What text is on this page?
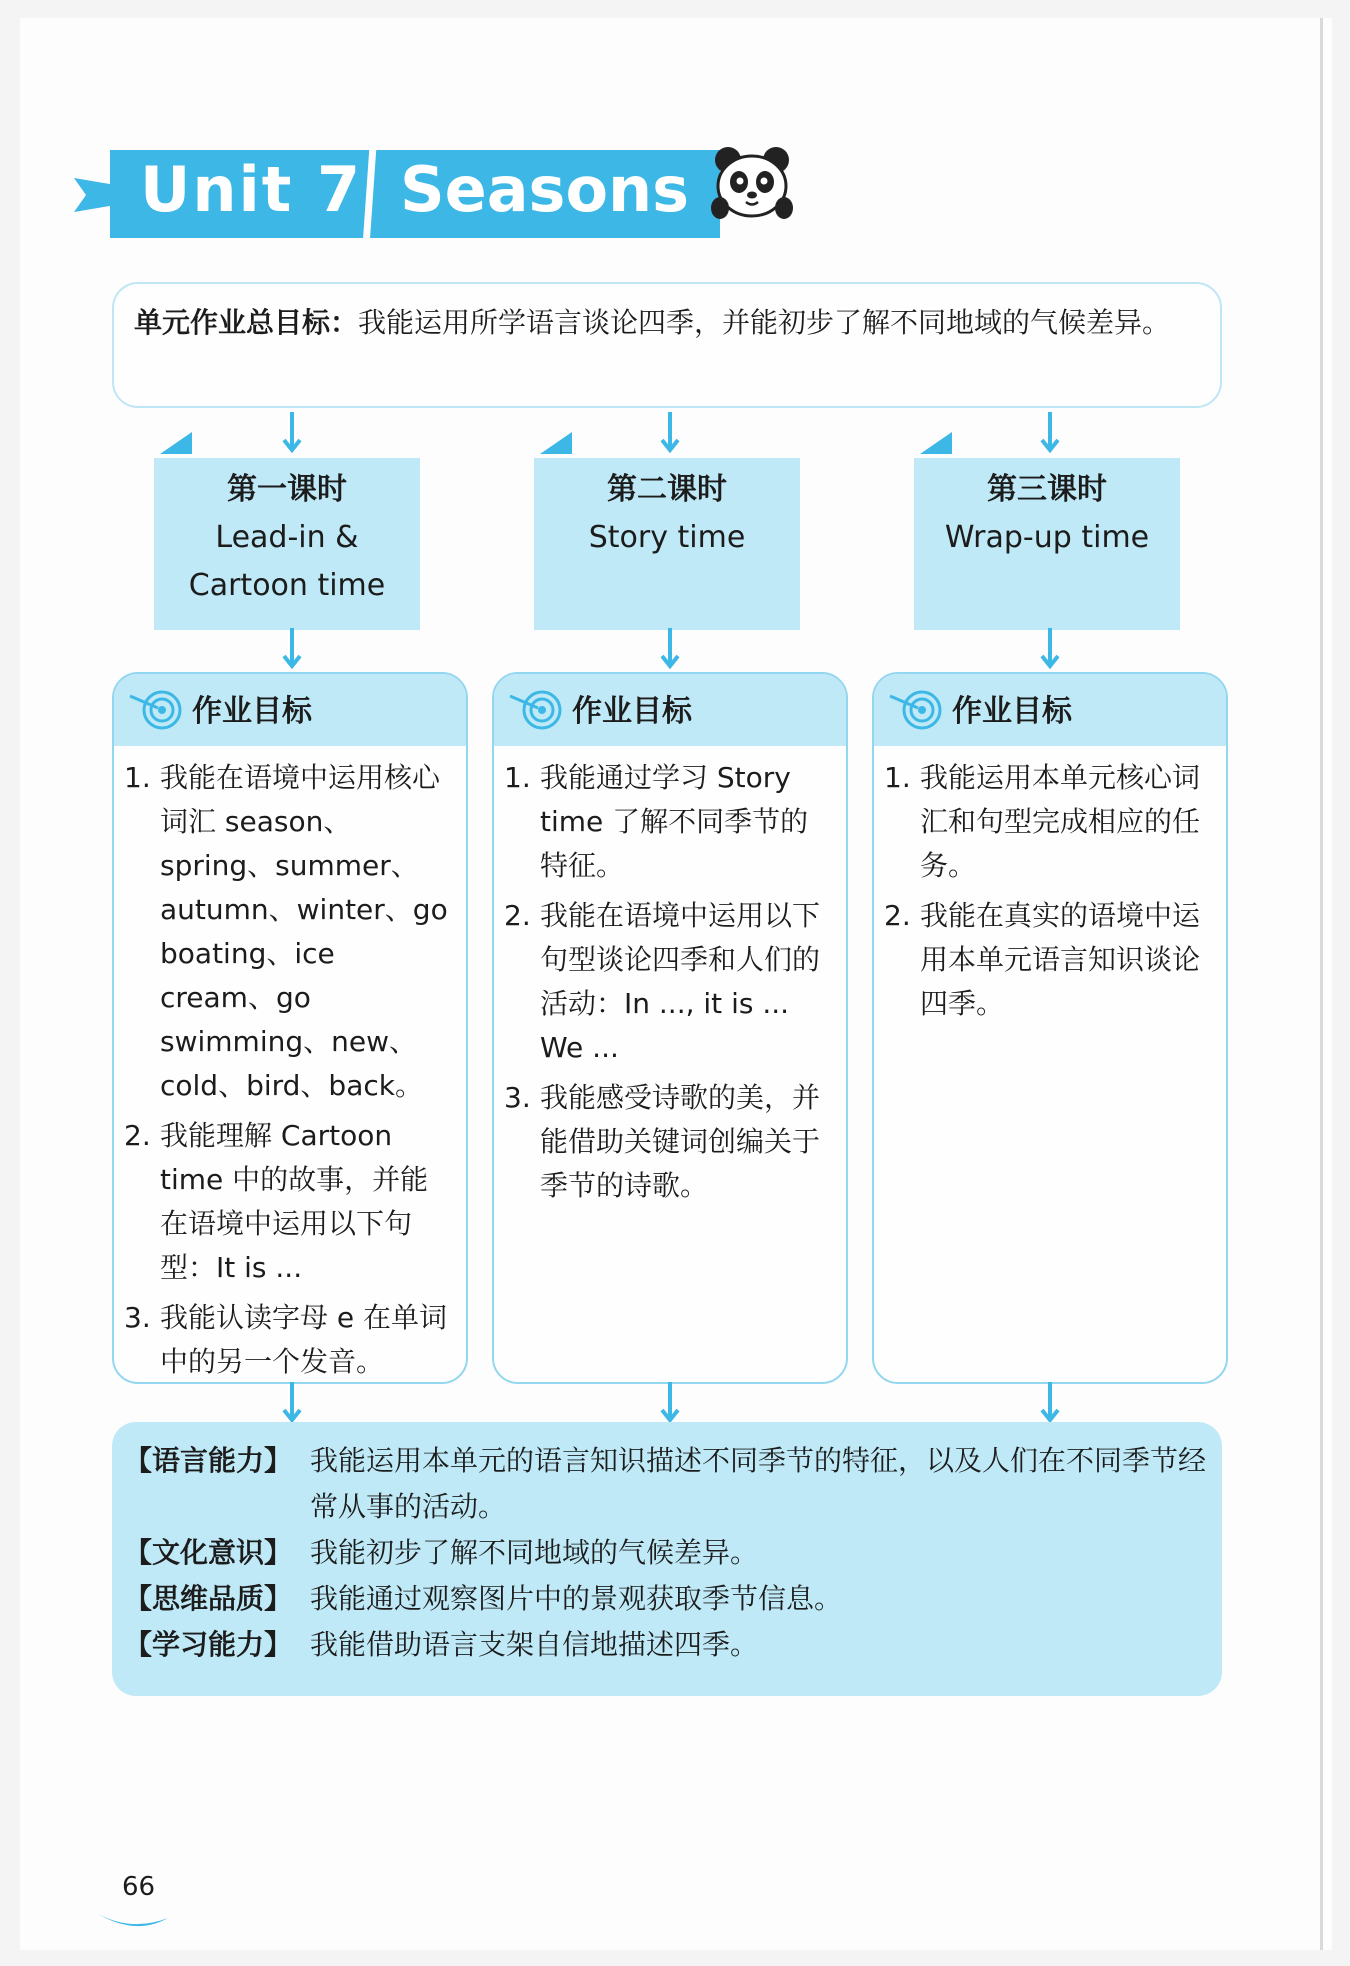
Unit 7 Seasons
单元作业总目标：我能运用所学语言谈论四季，并能初步了解不同地域的气候差异。
第一课时
Lead-in &
Cartoon time
第二课时
Story time
第三课时
Wrap-up time
作业目标
1. 我能在语境中运用核心词汇 season、spring、summer、autumn、winter、go boating、ice cream、go swimming、new、cold、bird、back。
2. 我能理解 Cartoon time 中的故事，并能在语境中运用以下句型：It is ...
3. 我能认读字母 e 在单词中的另一个发音。
作业目标
1. 我能通过学习 Story time 了解不同季节的特征。
2. 我能在语境中运用以下句型谈论四季和人们的活动：In ..., it is ... We ...
3. 我能感受诗歌的美，并能借助关键词创编关于季节的诗歌。
作业目标
1. 我能运用本单元核心词汇和句型完成相应的任务。
2. 我能在真实的语境中运用本单元语言知识谈论四季。
【语言能力】 我能运用本单元的语言知识描述不同季节的特征，以及人们在不同季节经常从事的活动。
【文化意识】 我能初步了解不同地域的气候差异。
【思维品质】 我能通过观察图片中的景观获取季节信息。
【学习能力】 我能借助语言支架自信地描述四季。
66
